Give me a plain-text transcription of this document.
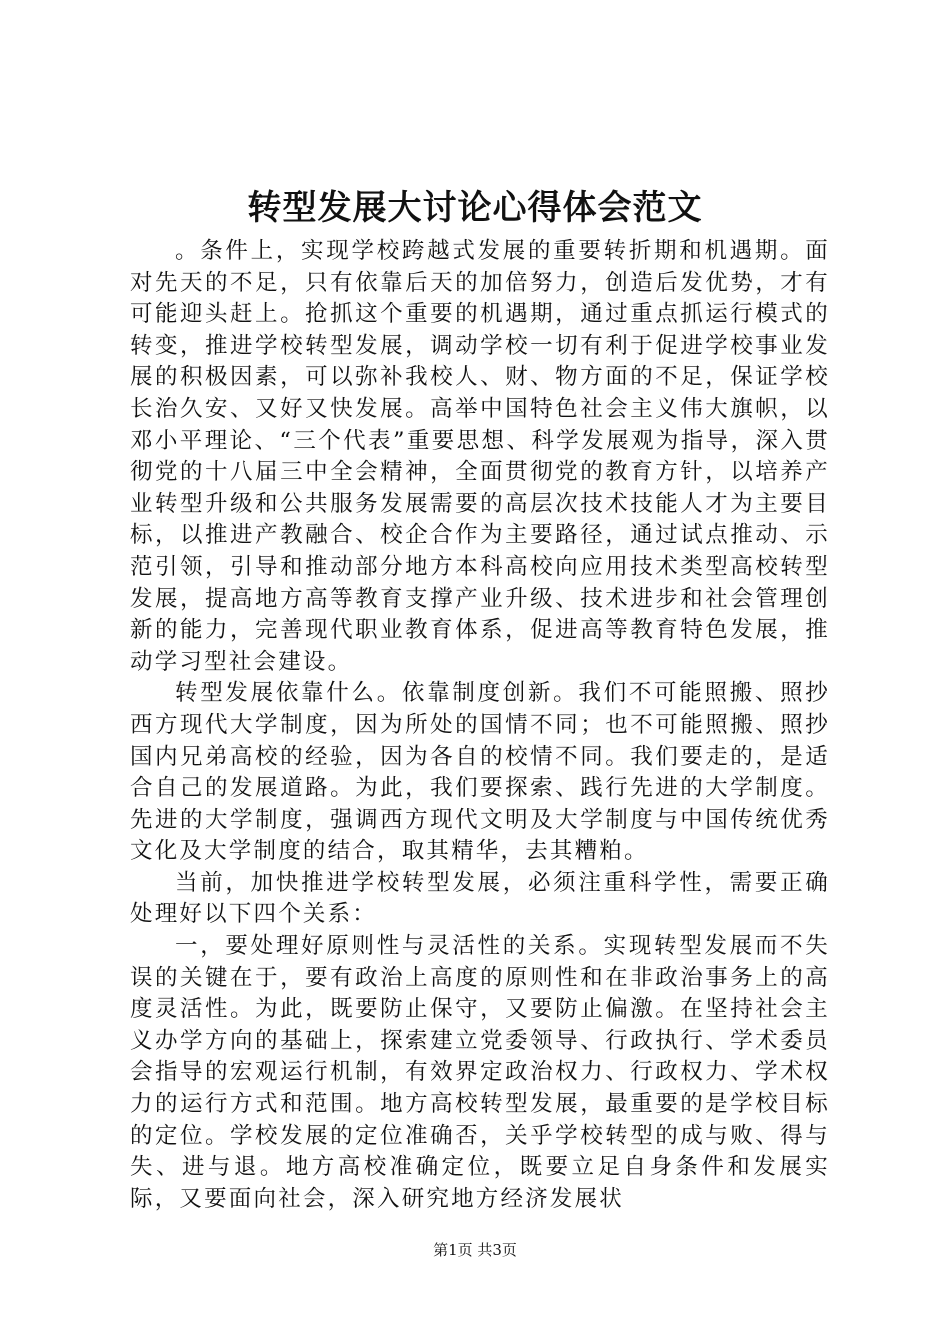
转型发展大讨论心得体会范文

。条件上，实现学校跨越式发展的重要转折期和机遇期。面对先天的不足，只有依靠后天的加倍努力，创造后发优势，才有可能迎头赶上。抢抓这个重要的机遇期，通过重点抓运行模式的转变，推进学校转型发展，调动学校一切有利于促进学校事业发展的积极因素，可以弥补我校人、财、物方面的不足，保证学校长治久安、又好又快发展。高举中国特色社会主义伟大旗帜，以邓小平理论、“三个代表”重要思想、科学发展观为指导，深入贯彻党的十八届三中全会精神，全面贯彻党的教育方针，以培养产业转型升级和公共服务发展需要的高层次技术技能人才为主要目标，以推进产教融合、校企合作为主要路径，通过试点推动、示范引领，引导和推动部分地方本科高校向应用技术类型高校转型发展，提高地方高等教育支撑产业升级、技术进步和社会管理创新的能力，完善现代职业教育体系，促进高等教育特色发展，推动学习型社会建设。

转型发展依靠什么。依靠制度创新。我们不可能照搬、照抄西方现代大学制度，因为所处的国情不同；也不可能照搬、照抄国内兄弟高校的经验，因为各自的校情不同。我们要走的，是适合自己的发展道路。为此，我们要探索、践行先进的大学制度。先进的大学制度，强调西方现代文明及大学制度与中国传统优秀文化及大学制度的结合，取其精华，去其糟粕。

当前，加快推进学校转型发展，必须注重科学性，需要正确处理好以下四个关系：

一，要处理好原则性与灵活性的关系。实现转型发展而不失误的关键在于，要有政治上高度的原则性和在非政治事务上的高度灵活性。为此，既要防止保守，又要防止偏激。在坚持社会主义办学方向的基础上，探索建立党委领导、行政执行、学术委员会指导的宏观运行机制，有效界定政治权力、行政权力、学术权力的运行方式和范围。地方高校转型发展，最重要的是学校目标的定位。学校发展的定位准确否，关乎学校转型的成与败、得与失、进与退。地方高校准确定位，既要立足自身条件和发展实际，又要面向社会，深入研究地方经济发展状

第1页 共3页
